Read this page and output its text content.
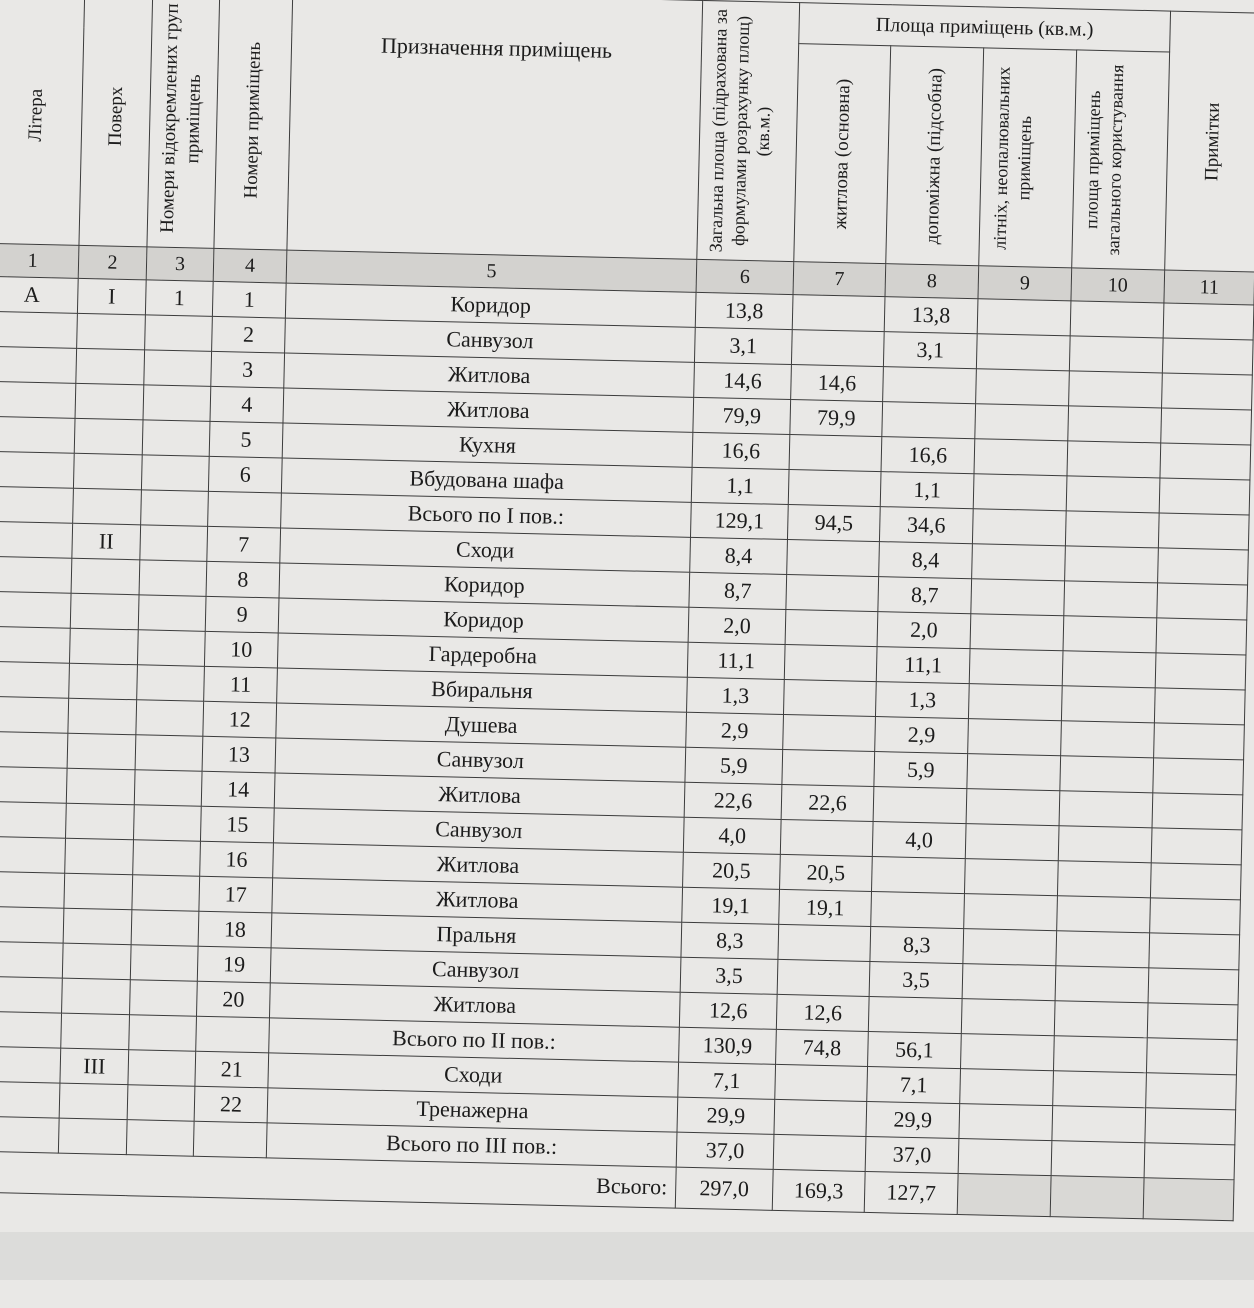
Літера	Поверх	Номери відокремлених груп приміщень	Номери приміщень	Призначення приміщень	Загальна площа (підрахована за формулами розрахунку площ) (кв.м.)	Площа приміщень (кв.м.)				Примітки

						житлова (основна)	допоміжна (підсобна)	літніх, неопалювальних приміщень	площа приміщень загального користування	

1	2	3	4	5	6	7	8	9	10	11
А	I	1	1	Коридор	13,8		13,8			
			2	Санвузол	3,1		3,1			
			3	Житлова	14,6	14,6				
			4	Житлова	79,9	79,9				
			5	Кухня	16,6		16,6			
			6	Вбудована шафа	1,1		1,1			
				Всього по І пов.:	129,1	94,5	34,6			
	II		7	Сходи	8,4		8,4			
			8	Коридор	8,7		8,7			
			9	Коридор	2,0		2,0			
			10	Гардеробна	11,1		11,1			
			11	Вбиральня	1,3		1,3			
			12	Душева	2,9		2,9			
			13	Санвузол	5,9		5,9			
			14	Житлова	22,6	22,6				
			15	Санвузол	4,0		4,0			
			16	Житлова	20,5	20,5				
			17	Житлова	19,1	19,1				
			18	Пральня	8,3		8,3			
			19	Санвузол	3,5		3,5			
			20	Житлова	12,6	12,6				
				Всього по ІІ пов.:	130,9	74,8	56,1			
	III		21	Сходи	7,1		7,1			
			22	Тренажерна	29,9		29,9			
				Всього по ІІІ пов.:	37,0		37,0			
Всього:					297,0	169,3	127,7			
